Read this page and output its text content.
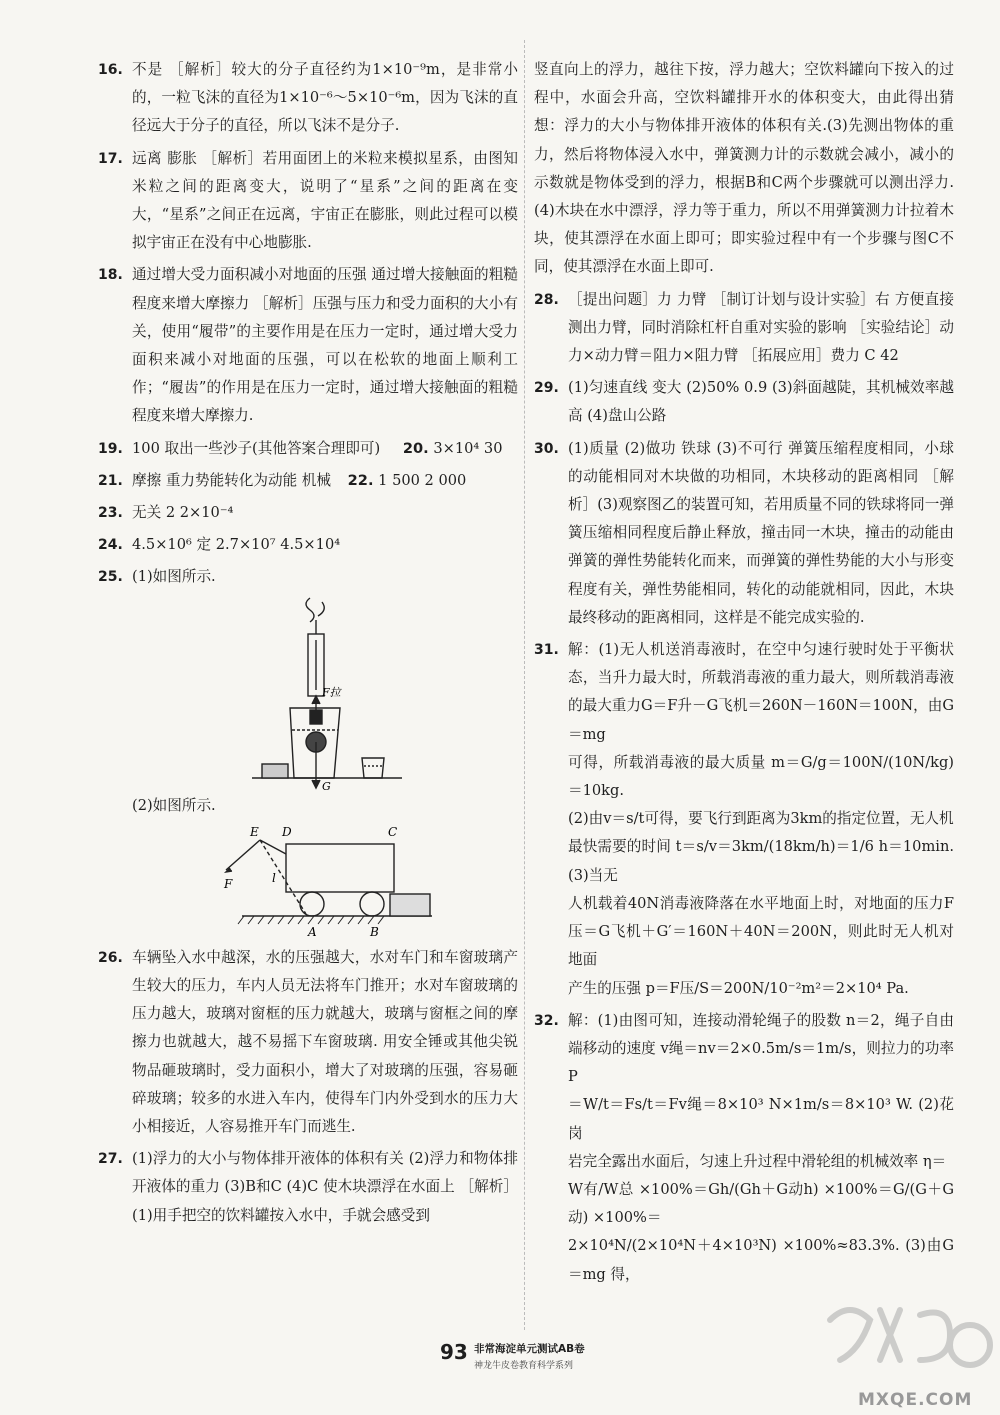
16. 不是 ［解析］较大的分子直径约为1×10⁻⁹m，是非常小的，一粒飞沫的直径为1×10⁻⁶～5×10⁻⁶m，因为飞沫的直径远大于分子的直径，所以飞沫不是分子.
17. 远离 膨胀 ［解析］若用面团上的米粒来模拟星系，由图知米粒之间的距离变大，说明了“星系”之间的距离在变大，“星系”之间正在远离，宇宙正在膨胀，则此过程可以模拟宇宙正在没有中心地膨胀.
18. 通过增大受力面积减小对地面的压强 通过增大接触面的粗糙程度来增大摩擦力 ［解析］压强与压力和受力面积的大小有关，使用“履带”的主要作用是在压力一定时，通过增大受力面积来减小对地面的压强，可以在松软的地面上顺利工作；“履齿”的作用是在压力一定时，通过增大接触面的粗糙程度来增大摩擦力.
19. 100 取出一些沙子(其他答案合理即可) 20. 3×10⁴ 30
21. 摩擦 重力势能转化为动能 机械 22. 1 500 2 000
23. 无关 2 2×10⁻⁴
24. 4.5×10⁶ 定 2.7×10⁷ 4.5×10⁴
25. (1)如图所示.
F拉
G
(2)如图所示.
E D	C
F	l
A	B
26. 车辆坠入水中越深，水的压强越大，水对车门和车窗玻璃产生较大的压力，车内人员无法将车门推开；水对车窗玻璃的压力越大，玻璃对窗框的压力就越大，玻璃与窗框之间的摩擦力也就越大，越不易摇下车窗玻璃. 用安全锤或其他尖锐物品砸玻璃时，受力面积小，增大了对玻璃的压强，容易砸碎玻璃；较多的水进入车内，使得车门内外受到水的压力大小相接近，人容易推开车门而逃生.
27. (1)浮力的大小与物体排开液体的体积有关 (2)浮力和物体排开液体的重力 (3)B和C (4)C 使木块漂浮在水面上 ［解析］(1)用手把空的饮料罐按入水中，手就会感受到
竖直向上的浮力，越往下按，浮力越大；空饮料罐向下按入的过程中，水面会升高，空饮料罐排开水的体积变大，由此得出猜想：浮力的大小与物体排开液体的体积有关.(3)先测出物体的重力，然后将物体浸入水中，弹簧测力计的示数就会减小，减小的示数就是物体受到的浮力，根据B和C两个步骤就可以测出浮力.(4)木块在水中漂浮，浮力等于重力，所以不用弹簧测力计拉着木块，使其漂浮在水面上即可；即实验过程中有一个步骤与图C不同，使其漂浮在水面上即可.
28. ［提出问题］力 力臂 ［制订计划与设计实验］右 方便直接测出力臂，同时消除杠杆自重对实验的影响 ［实验结论］动力×动力臂＝阻力×阻力臂 ［拓展应用］费力 C 42
29. (1)匀速直线 变大 (2)50% 0.9 (3)斜面越陡，其机械效率越高 (4)盘山公路
30. (1)质量 (2)做功 铁球 (3)不可行 弹簧压缩程度相同，小球的动能相同对木块做的功相同，木块移动的距离相同 ［解析］(3)观察图乙的装置可知，若用质量不同的铁球将同一弹簧压缩相同程度后静止释放，撞击同一木块，撞击的动能由弹簧的弹性势能转化而来，而弹簧的弹性势能的大小与形变程度有关，弹性势能相同，转化的动能就相同，因此，木块最终移动的距离相同，这样是不能完成实验的.
31. 解：(1)无人机送消毒液时，在空中匀速行驶时处于平衡状态，当升力最大时，所载消毒液的重力最大，则所载消毒液的最大重力G＝F升－G飞机＝260N－160N＝100N，由G＝mg
可得，所载消毒液的最大质量 m＝G/g＝100N/(10N/kg)＝10kg.
(2)由v＝s/t可得，要飞行到距离为3km的指定位置，无人机
最快需要的时间 t＝s/v＝3km/(18km/h)＝1/6 h＝10min. (3)当无
人机载着40N消毒液降落在水平地面上时，对地面的压力F压＝G飞机＋G′＝160N＋40N＝200N，则此时无人机对地面
产生的压强 p＝F压/S＝200N/10⁻²m²＝2×10⁴ Pa.
32. 解：(1)由图可知，连接动滑轮绳子的股数 n＝2，绳子自由端移动的速度 v绳＝nv＝2×0.5m/s＝1m/s，则拉力的功率 P
＝W/t＝Fs/t＝Fv绳＝8×10³ N×1m/s＝8×10³ W. (2)花岗
岩完全露出水面后，匀速上升过程中滑轮组的机械效率 η＝
W有/W总 ×100%＝Gh/(Gh＋G动h) ×100%＝G/(G＋G动) ×100%＝
2×10⁴N/(2×10⁴N＋4×10³N) ×100%≈83.3%. (3)由G＝mg 得，
93 非常海淀单元测试AB卷
神龙牛皮卷教育科学系列
MXQE.COM
